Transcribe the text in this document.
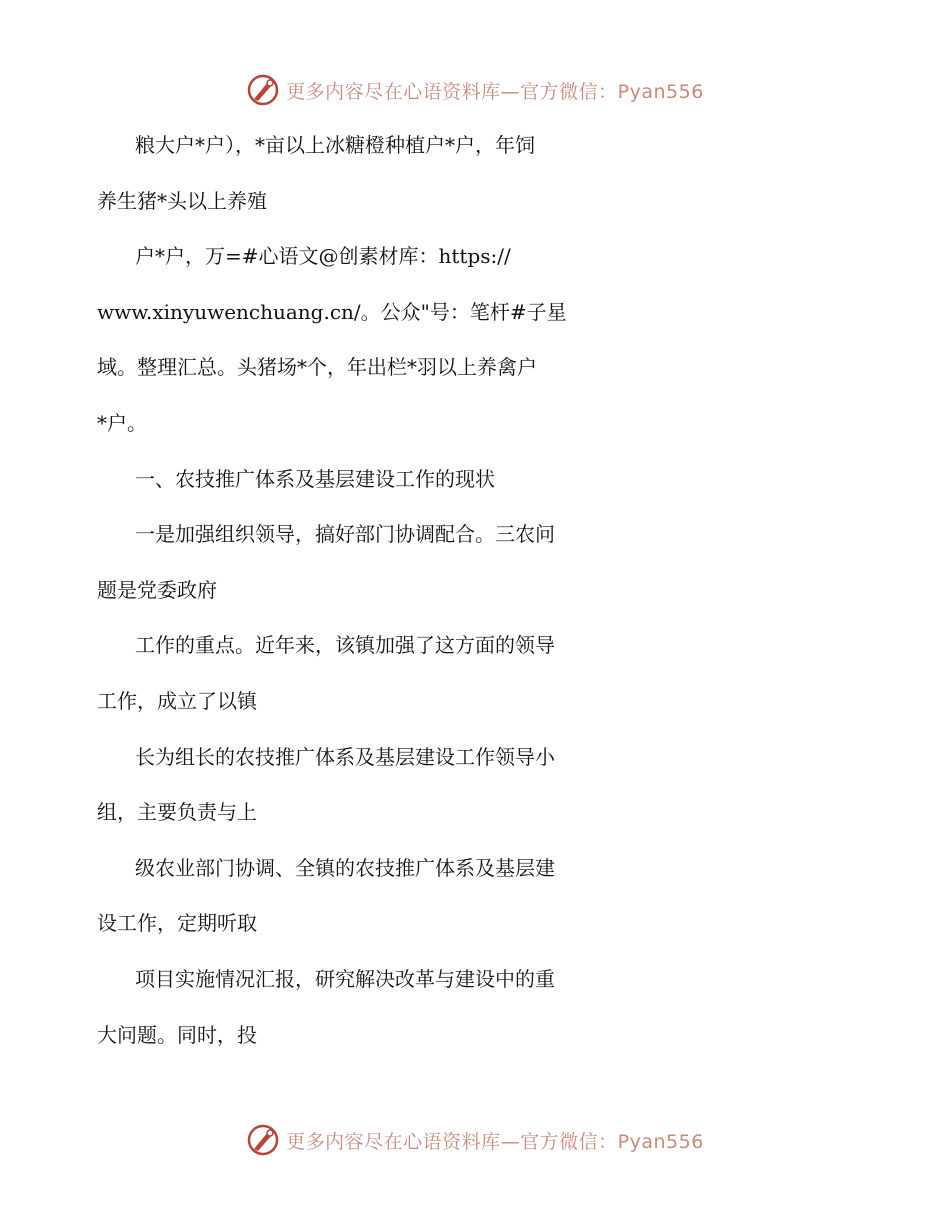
更多内容尽在心语资料库—官方微信：Pyan556
粮大户*户），*亩以上冰糖橙种植户*户，年饲
养生猪*头以上养殖
户*户，万=#心语文@创素材库：https://
www.xinyuwenchuang.cn/。公众"号：笔杆#子星
域。整理汇总。头猪场*个，年出栏*羽以上养禽户
*户。
一、农技推广体系及基层建设工作的现状
一是加强组织领导，搞好部门协调配合。三农问
题是党委政府
工作的重点。近年来，该镇加强了这方面的领导
工作，成立了以镇
长为组长的农技推广体系及基层建设工作领导小
组，主要负责与上
级农业部门协调、全镇的农技推广体系及基层建
设工作，定期听取
项目实施情况汇报，研究解决改革与建设中的重
大问题。同时，投
更多内容尽在心语资料库—官方微信：Pyan556
